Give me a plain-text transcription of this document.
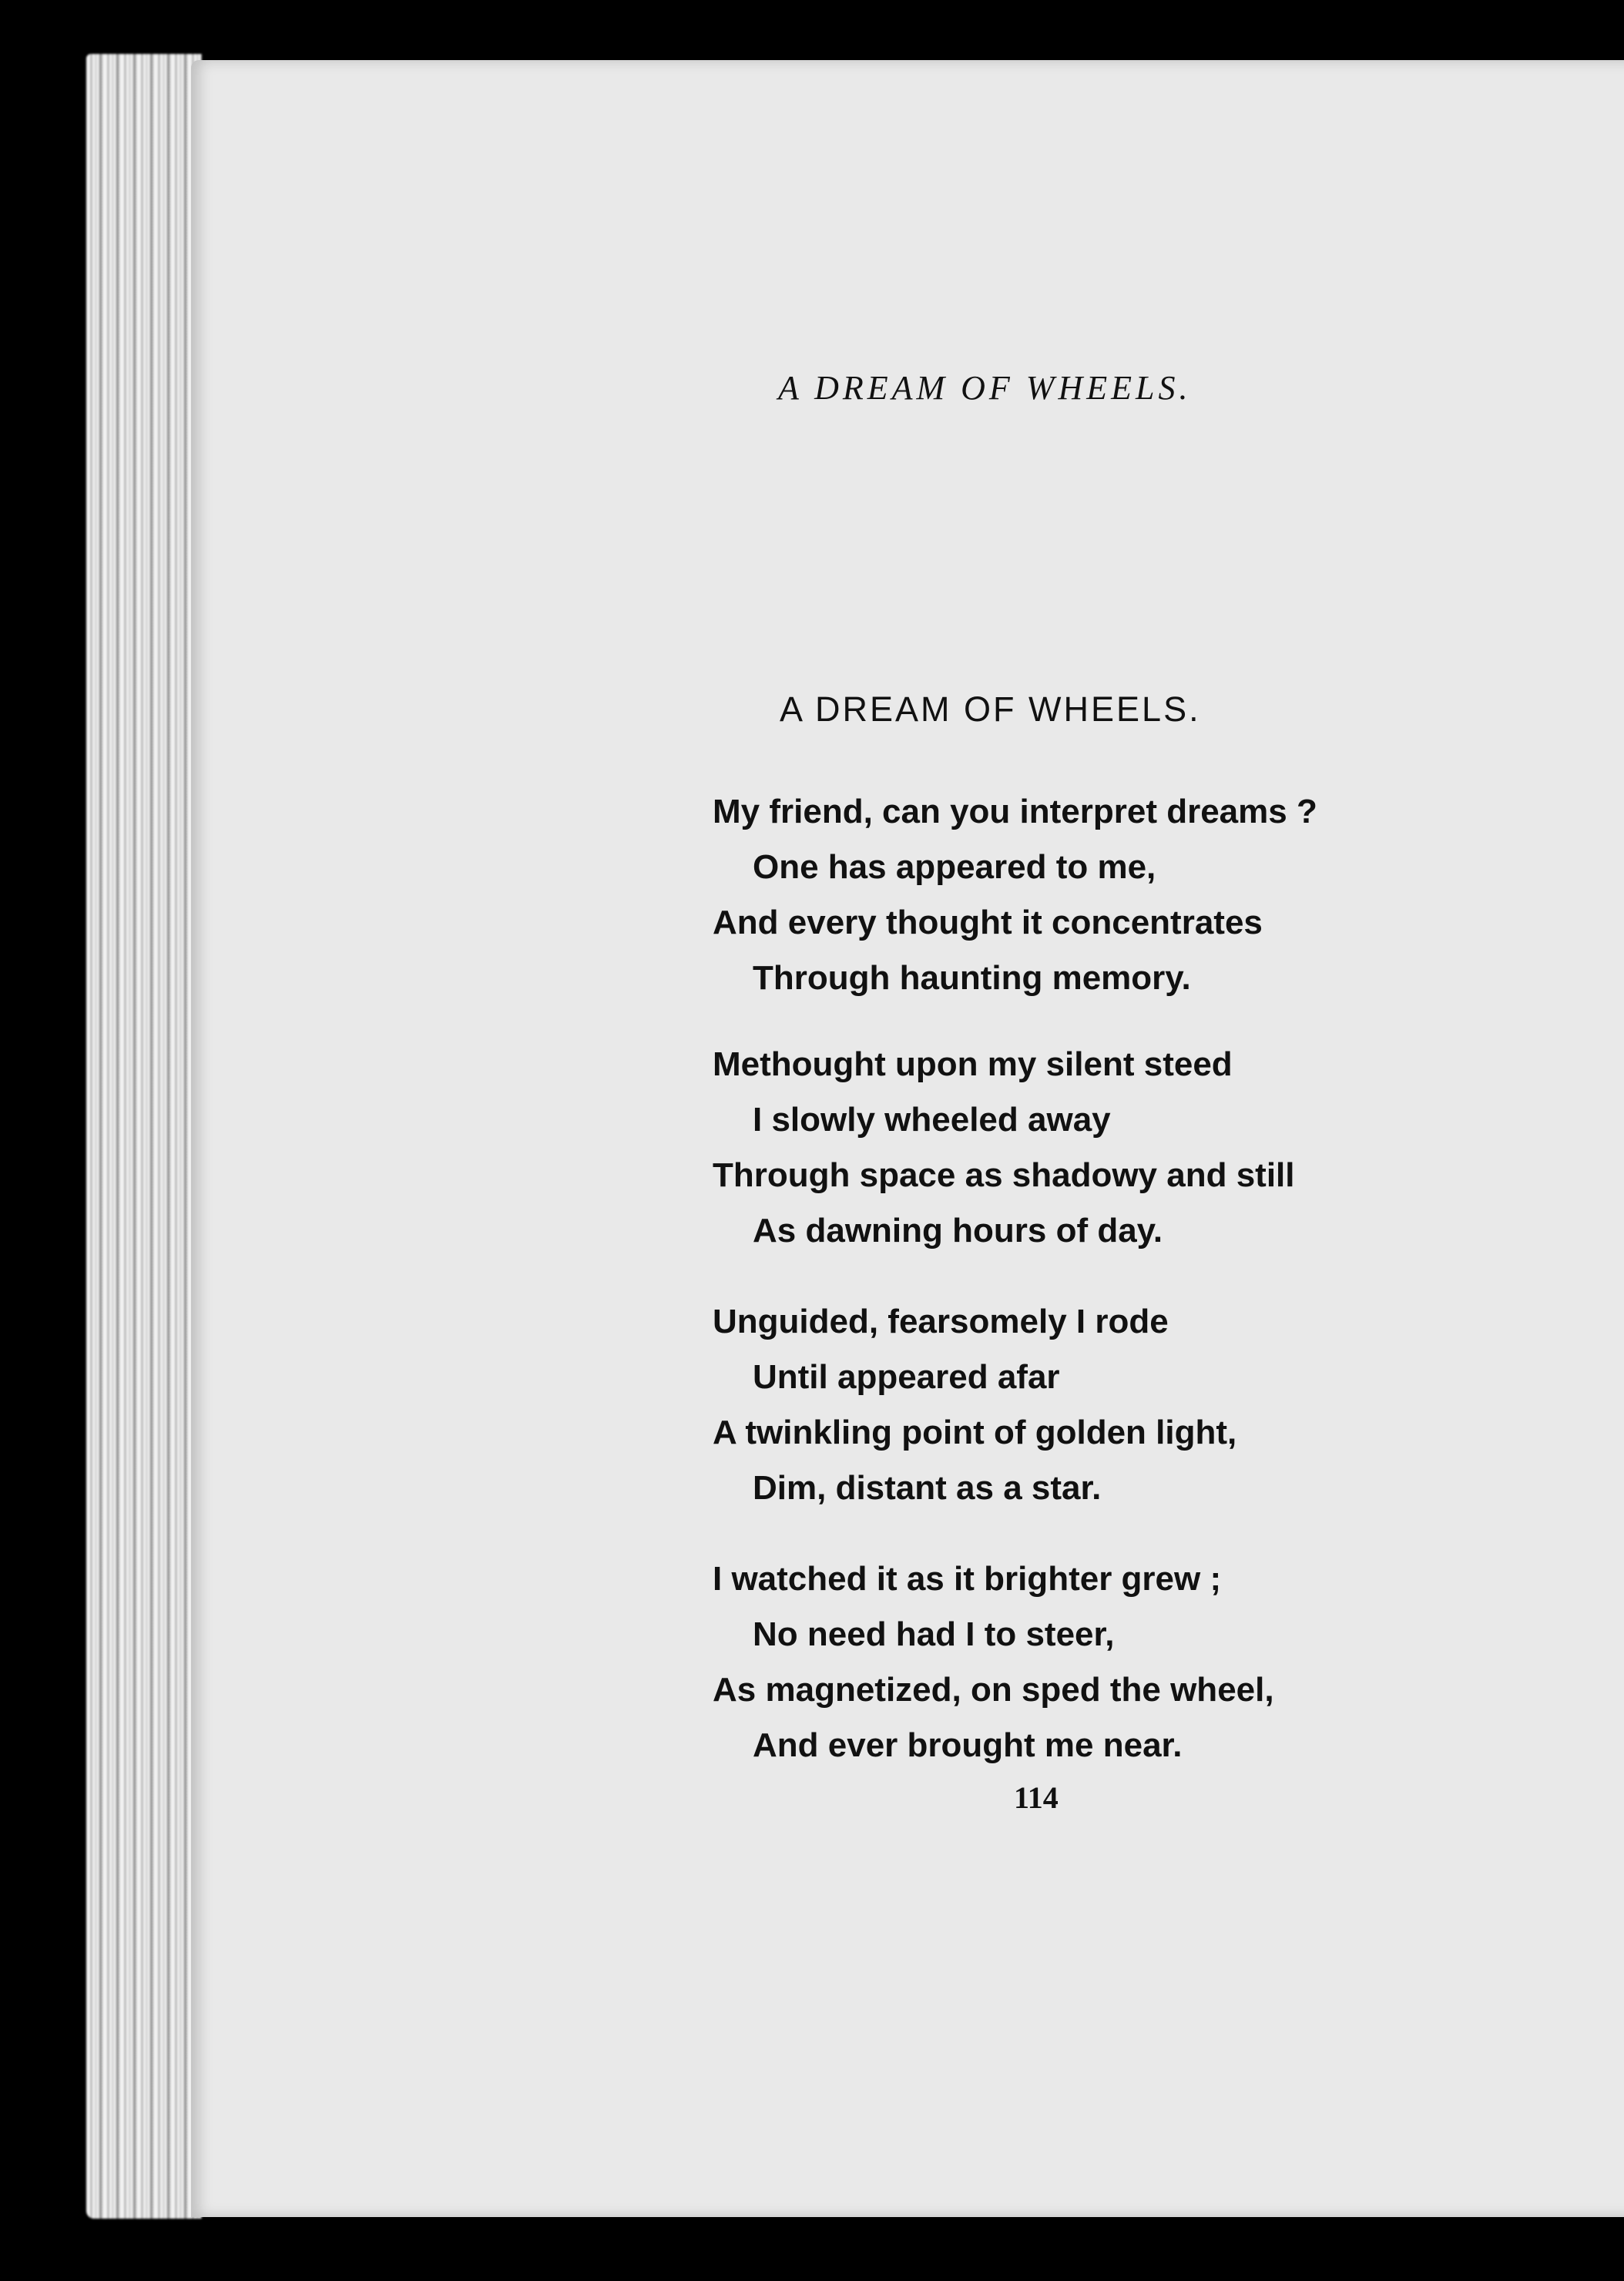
A DREAM OF WHEELS.
A DREAM OF WHEELS.
My friend, can you interpret dreams ?
One has appeared to me,
And every thought it concentrates
Through haunting memory.
Methought upon my silent steed
I slowly wheeled away
Through space as shadowy and still
As dawning hours of day.
Unguided, fearsomely I rode
Until appeared afar
A twinkling point of golden light,
Dim, distant as a star.
I watched it as it brighter grew ;
No need had I to steer,
As magnetized, on sped the wheel,
And ever brought me near.
114
